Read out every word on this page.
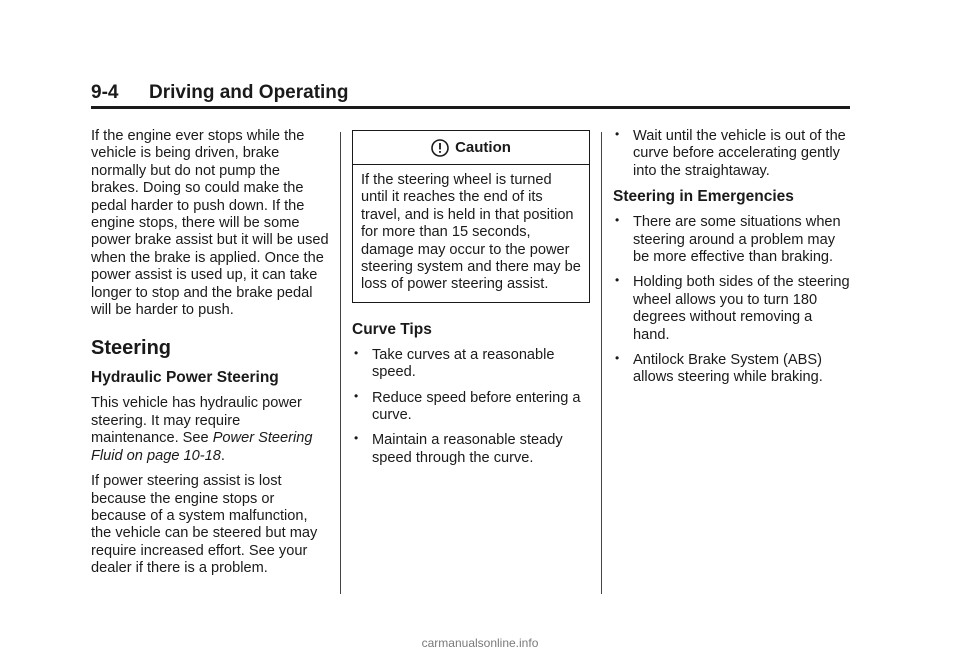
9-4 Driving and Operating

If the engine ever stops while the vehicle is being driven, brake normally but do not pump the brakes. Doing so could make the pedal harder to push down. If the engine stops, there will be some power brake assist but it will be used when the brake is applied. Once the power assist is used up, it can take longer to stop and the brake pedal will be harder to push.

Steering
Hydraulic Power Steering

This vehicle has hydraulic power steering. It may require maintenance. See Power Steering Fluid on page 10-18.

If power steering assist is lost because the engine stops or because of a system malfunction, the vehicle can be steered but may require increased effort. See your dealer if there is a problem.

Caution
If the steering wheel is turned until it reaches the end of its travel, and is held in that position for more than 15 seconds, damage may occur to the power steering system and there may be loss of power steering assist.
Curve Tips
• Take curves at a reasonable speed.
• Reduce speed before entering a curve.
• Maintain a reasonable steady speed through the curve.
• Wait until the vehicle is out of the curve before accelerating gently into the straightaway.
Steering in Emergencies
• There are some situations when steering around a problem may be more effective than braking.
• Holding both sides of the steering wheel allows you to turn 180 degrees without removing a hand.
• Antilock Brake System (ABS) allows steering while braking.
carmanualsonline.info
